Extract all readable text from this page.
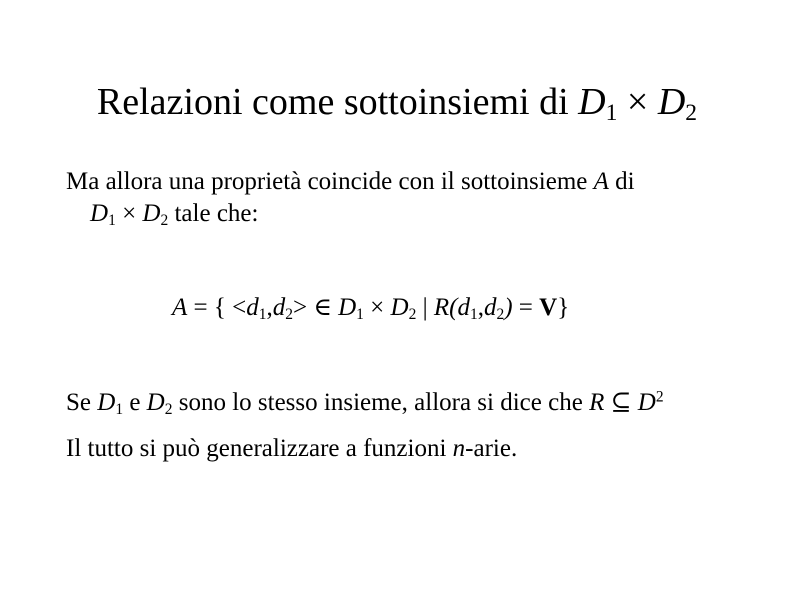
Relazioni come sottoinsiemi di $D_1 \times D_2$
Ma allora una proprietà coincide con il sottoinsieme A di
$D_1 \times D_2$ tale che:
A = { $<d_1,d_2>$ ∈ $D_1 \times D_2$ | $R(d_1,d_2) = V$}
Se $D_1$ e $D_2$ sono lo stesso insieme, allora si dice che R ⊆ $D^2$
Il tutto si può generalizzare a funzioni n-arie.
